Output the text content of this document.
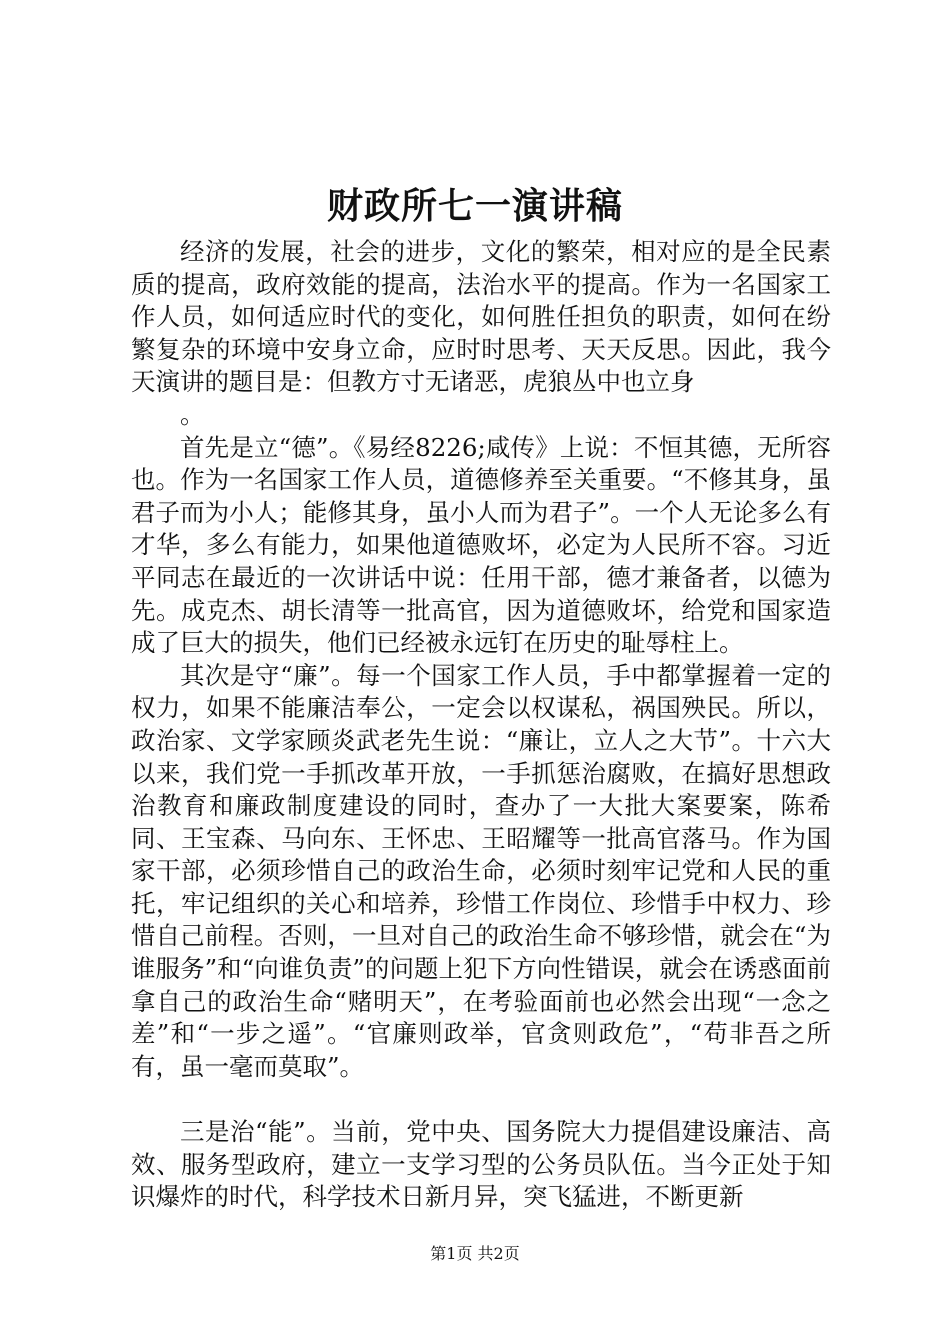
财政所七一演讲稿

经济的发展，社会的进步，文化的繁荣，相对应的是全民素质的提高，政府效能的提高，法治水平的提高。作为一名国家工作人员，如何适应时代的变化，如何胜任担负的职责，如何在纷繁复杂的环境中安身立命，应时时思考、天天反思。因此，我今天演讲的题目是：但教方寸无诸恶，虎狼丛中也立身

。

首先是立“德”。《易经8226;咸传》上说：不恒其德，无所容也。作为一名国家工作人员，道德修养至关重要。“不修其身，虽君子而为小人；能修其身，虽小人而为君子”。一个人无论多么有才华，多么有能力，如果他道德败坏，必定为人民所不容。习近平同志在最近的一次讲话中说：任用干部，德才兼备者，以德为先。成克杰、胡长清等一批高官，因为道德败坏，给党和国家造成了巨大的损失，他们已经被永远钉在历史的耻辱柱上。

其次是守“廉”。每一个国家工作人员，手中都掌握着一定的权力，如果不能廉洁奉公，一定会以权谋私，祸国殃民。所以，政治家、文学家顾炎武老先生说：“廉让，立人之大节”。十六大以来，我们党一手抓改革开放，一手抓惩治腐败，在搞好思想政治教育和廉政制度建设的同时，查办了一大批大案要案，陈希同、王宝森、马向东、王怀忠、王昭耀等一批高官落马。作为国家干部，必须珍惜自己的政治生命，必须时刻牢记党和人民的重托，牢记组织的关心和培养，珍惜工作岗位、珍惜手中权力、珍惜自己前程。否则，一旦对自己的政治生命不够珍惜，就会在“为谁服务”和“向谁负责”的问题上犯下方向性错误，就会在诱惑面前拿自己的政治生命“赌明天”，在考验面前也必然会出现“一念之差”和“一步之遥”。“官廉则政举，官贪则政危”，“苟非吾之所有，虽一毫而莫取”。

三是治“能”。当前，党中央、国务院大力提倡建设廉洁、高效、服务型政府，建立一支学习型的公务员队伍。当今正处于知识爆炸的时代，科学技术日新月异，突飞猛进，不断更新

第1页 共2页
